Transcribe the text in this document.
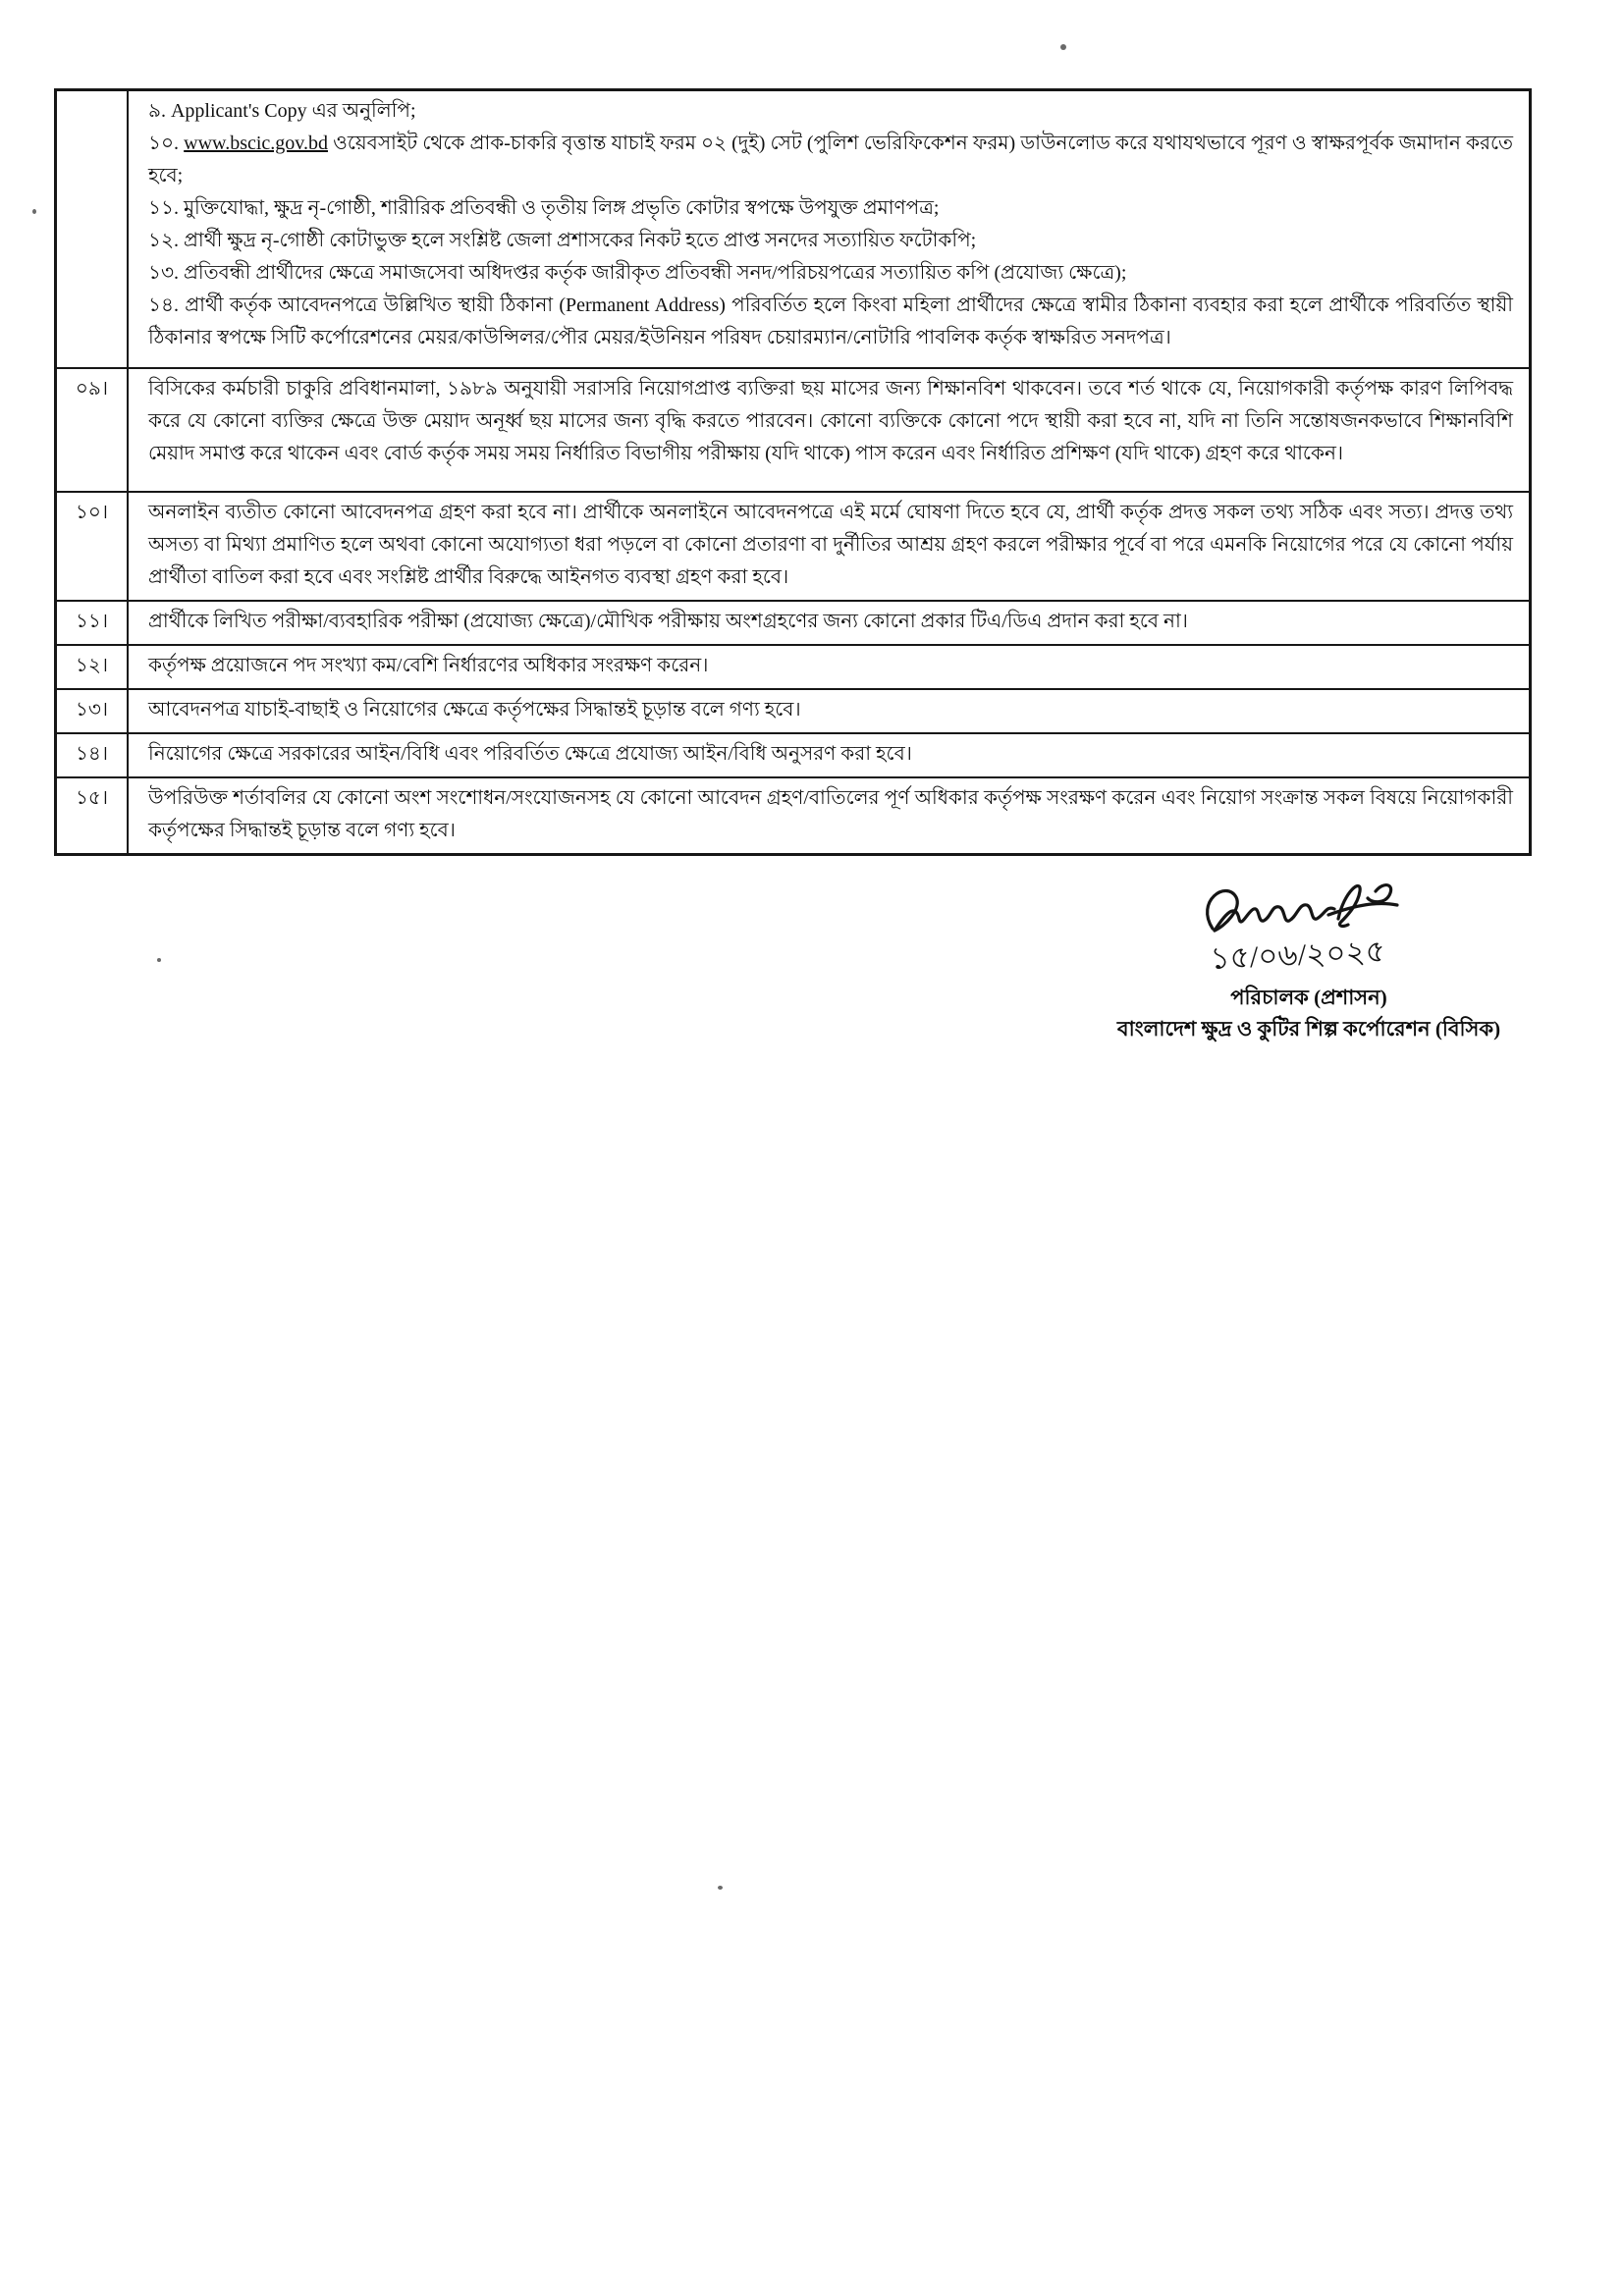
৯. Applicant's Copy এর অনুলিপি;

১০. www.bscic.gov.bd ওয়েবসাইট থেকে প্রাক-চাকরি বৃত্তান্ত যাচাই ফরম ০২ (দুই) সেট (পুলিশ ভেরিফিকেশন ফরম) ডাউনলোড করে যথাযথভাবে পূরণ ও স্বাক্ষরপূর্বক জমাদান করতে হবে;

১১. মুক্তিযোদ্ধা, ক্ষুদ্র নৃ-গোষ্ঠী, শারীরিক প্রতিবন্ধী ও তৃতীয় লিঙ্গ প্রভৃতি কোটার স্বপক্ষে উপযুক্ত প্রমাণপত্র;

১২. প্রার্থী ক্ষুদ্র নৃ-গোষ্ঠী কোটাভুক্ত হলে সংশ্লিষ্ট জেলা প্রশাসকের নিকট হতে প্রাপ্ত সনদের সত্যায়িত ফটোকপি;

১৩. প্রতিবন্ধী প্রার্থীদের ক্ষেত্রে সমাজসেবা অধিদপ্তর কর্তৃক জারীকৃত প্রতিবন্ধী সনদ/পরিচয়পত্রের সত্যায়িত কপি (প্রযোজ্য ক্ষেত্রে);

১৪. প্রার্থী কর্তৃক আবেদনপত্রে উল্লিখিত স্থায়ী ঠিকানা (Permanent Address) পরিবর্তিত হলে কিংবা মহিলা প্রার্থীদের ক্ষেত্রে স্বামীর ঠিকানা ব্যবহার করা হলে প্রার্থীকে পরিবর্তিত স্থায়ী ঠিকানার স্বপক্ষে সিটি কর্পোরেশনের মেয়র/কাউন্সিলর/পৌর মেয়র/ইউনিয়ন পরিষদ চেয়ারম্যান/নোটারি পাবলিক কর্তৃক স্বাক্ষরিত সনদপত্র।

০৯।	বিসিকের কর্মচারী চাকুরি প্রবিধানমালা, ১৯৮৯ অনুযায়ী সরাসরি নিয়োগপ্রাপ্ত ব্যক্তিরা ছয় মাসের জন্য শিক্ষানবিশ থাকবেন। তবে শর্ত থাকে যে, নিয়োগকারী কর্তৃপক্ষ কারণ লিপিবদ্ধ করে যে কোনো ব্যক্তির ক্ষেত্রে উক্ত মেয়াদ অনূর্ধ্ব ছয় মাসের জন্য বৃদ্ধি করতে পারবেন। কোনো ব্যক্তিকে কোনো পদে স্থায়ী করা হবে না, যদি না তিনি সন্তোষজনকভাবে শিক্ষানবিশি মেয়াদ সমাপ্ত করে থাকেন এবং বোর্ড কর্তৃক সময় সময় নির্ধারিত বিভাগীয় পরীক্ষায় (যদি থাকে) পাস করেন এবং নির্ধারিত প্রশিক্ষণ (যদি থাকে) গ্রহণ করে থাকেন।
১০।	অনলাইন ব্যতীত কোনো আবেদনপত্র গ্রহণ করা হবে না। প্রার্থীকে অনলাইনে আবেদনপত্রে এই মর্মে ঘোষণা দিতে হবে যে, প্রার্থী কর্তৃক প্রদত্ত সকল তথ্য সঠিক এবং সত্য। প্রদত্ত তথ্য অসত্য বা মিথ্যা প্রমাণিত হলে অথবা কোনো অযোগ্যতা ধরা পড়লে বা কোনো প্রতারণা বা দুর্নীতির আশ্রয় গ্রহণ করলে পরীক্ষার পূর্বে বা পরে এমনকি নিয়োগের পরে যে কোনো পর্যায় প্রার্থীতা বাতিল করা হবে এবং সংশ্লিষ্ট প্রার্থীর বিরুদ্ধে আইনগত ব্যবস্থা গ্রহণ করা হবে।
১১।	প্রার্থীকে লিখিত পরীক্ষা/ব্যবহারিক পরীক্ষা (প্রযোজ্য ক্ষেত্রে)/মৌখিক পরীক্ষায় অংশগ্রহণের জন্য কোনো প্রকার টিএ/ডিএ প্রদান করা হবে না।
১২।	কর্তৃপক্ষ প্রয়োজনে পদ সংখ্যা কম/বেশি নির্ধারণের অধিকার সংরক্ষণ করেন।
১৩।	আবেদনপত্র যাচাই-বাছাই ও নিয়োগের ক্ষেত্রে কর্তৃপক্ষের সিদ্ধান্তই চূড়ান্ত বলে গণ্য হবে।
১৪।	নিয়োগের ক্ষেত্রে সরকারের আইন/বিধি এবং পরিবর্তিত ক্ষেত্রে প্রযোজ্য আইন/বিধি অনুসরণ করা হবে।
১৫।	উপরিউক্ত শর্তাবলির যে কোনো অংশ সংশোধন/সংযোজনসহ যে কোনো আবেদন গ্রহণ/বাতিলের পূর্ণ অধিকার কর্তৃপক্ষ সংরক্ষণ করেন এবং নিয়োগ সংক্রান্ত সকল বিষয়ে নিয়োগকারী কর্তৃপক্ষের সিদ্ধান্তই চূড়ান্ত বলে গণ্য হবে।
১৫/০৬/২০২৫
পরিচালক (প্রশাসন)
বাংলাদেশ ক্ষুদ্র ও কুটির শিল্প কর্পোরেশন (বিসিক)
